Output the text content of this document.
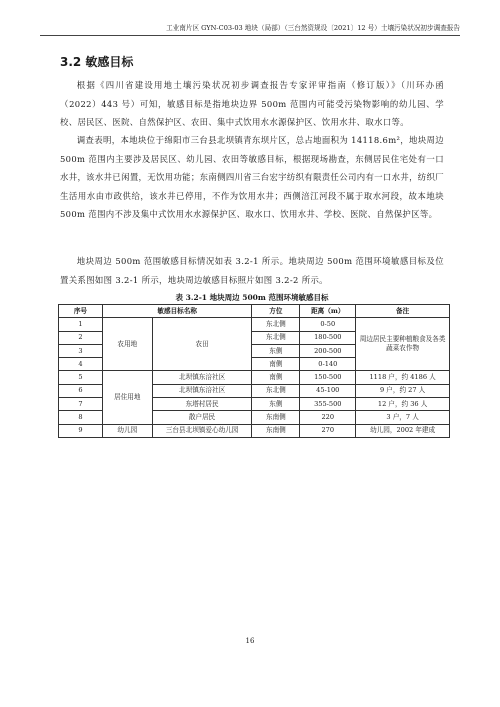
工业南片区 GYN-C03-03 地块（局部）（三台然资规设〔2021〕12 号）土壤污染状况初步调查报告
3.2 敏感目标

根据《四川省建设用地土壤污染状况初步调查报告专家评审指南（修订版）》（川环办函（2022）443 号）可知，敏感目标是指地块边界 500m 范围内可能受污染物影响的幼儿园、学校、居民区、医院、自然保护区、农田、集中式饮用水水源保护区、饮用水井、取水口等。

调查表明，本地块位于绵阳市三台县北坝镇青东坝片区，总占地面积为 14118.6m²，地块周边 500m 范围内主要涉及居民区、幼儿园、农田等敏感目标，根据现场勘查，东侧居民住宅处有一口水井，该水井已闲置，无饮用功能；东南侧四川省三台宏宇纺织有限责任公司内有一口水井，纺织厂生活用水由市政供给，该水井已停用，不作为饮用水井；西侧涪江河段不属于取水河段，故本地块 500m 范围内不涉及集中式饮用水水源保护区、取水口、饮用水井、学校、医院、自然保护区等。

地块周边 500m 范围敏感目标情况如表 3.2-1 所示。地块周边 500m 范围环境敏感目标及位置关系图如图 3.2-1 所示，地块周边敏感目标照片如图 3.2-2 所示。

表 3.2-1 地块周边 500m 范围环境敏感目标
序号	敏感目标名称		方位	距离（m）	备注
1	农用地	农田	东北侧	0-50	周边居民主要种植粮食及各类蔬菜农作物
2			东北侧	180-500	
3			东侧	200-500	
4			南侧	0-140	
5	居住用地	北坝镇东涪社区	南侧	150-500	1118 户，约 4186 人
6		北坝镇东涪社区	东北侧	45-100	9 户，约 27 人
7		东塔村居民	东侧	355-500	12 户，约 36 人
8		散户居民	东南侧	220	3 户，7 人
9	幼儿园	三台县北坝镇爱心幼儿园	东南侧	270	幼儿园，2002 年建成
16
